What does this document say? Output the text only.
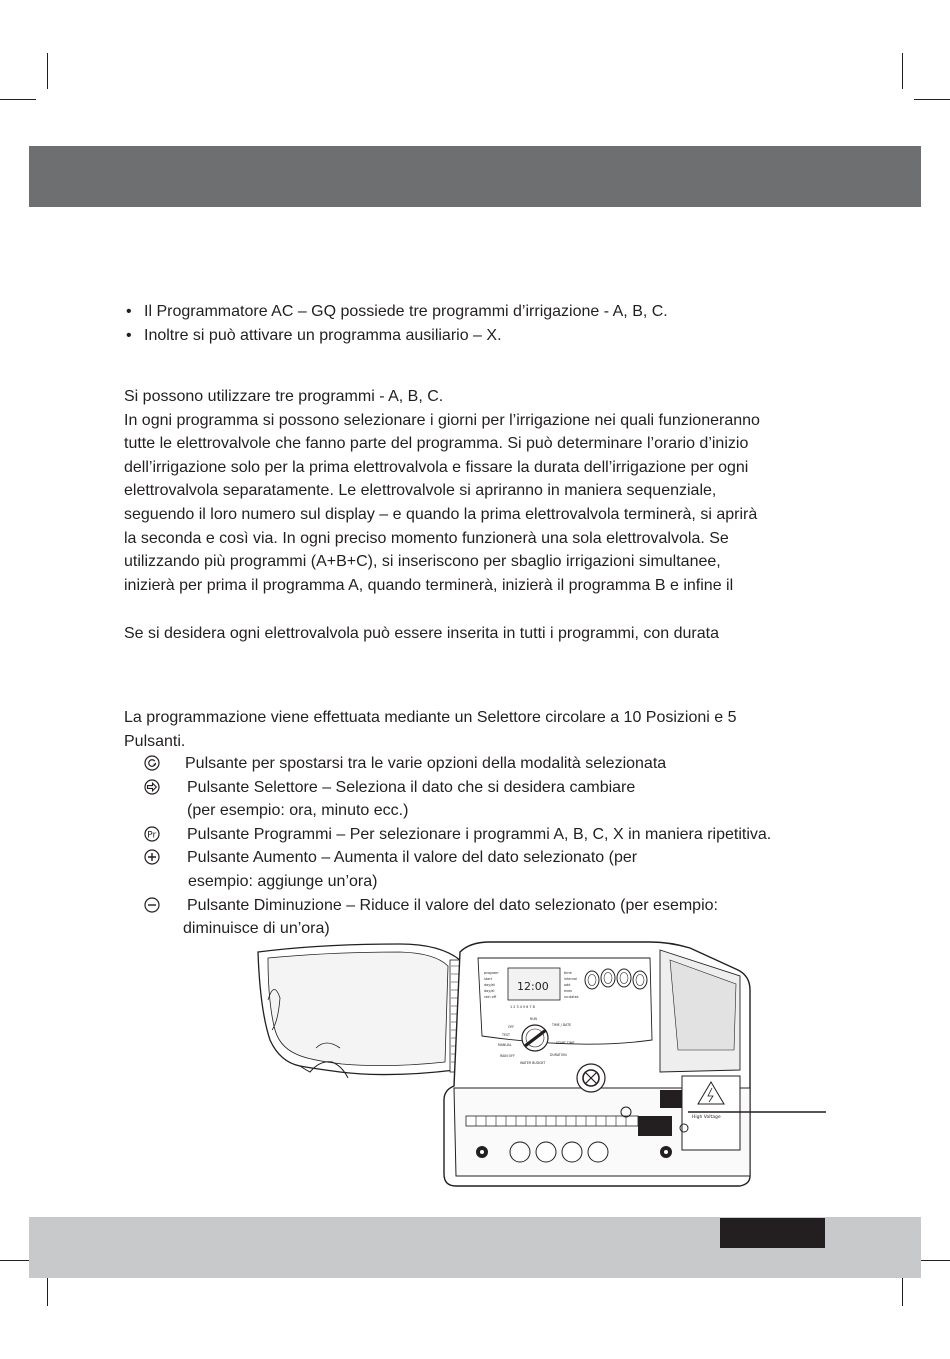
• Il Programmatore AC – GQ possiede tre programmi d’irrigazione - A, B, C.
• Inoltre si può attivare un programma ausiliario – X.
Si possono utilizzare tre programmi - A, B, C.
In ogni programma si possono selezionare i giorni per l’irrigazione nei quali funzioneranno
tutte le elettrovalvole che fanno parte del programma. Si può determinare l’orario d’inizio
dell’irrigazione solo per la prima elettrovalvola e fissare la durata dell’irrigazione per ogni
elettrovalvola separatamente. Le elettrovalvole si apriranno in maniera sequenziale,
seguendo il loro numero sul display – e quando la prima elettrovalvola terminerà, si aprirà
la seconda e così via. In ogni preciso momento funzionerà una sola elettrovalvola. Se
utilizzando più programmi (A+B+C), si inseriscono per sbaglio irrigazioni simultanee,
inizierà per prima il programma A, quando terminerà, inizierà il programma B e infine il
Se si desidera ogni elettrovalvola può essere inserita in tutti i programmi, con durata
La programmazione viene effettuata mediante un Selettore circolare a 10 Posizioni e 5
Pulsanti.
Pulsante per spostarsi tra le varie opzioni della modalità selezionata
Pulsante Selettore – Seleziona il dato che si desidera cambiare
(per esempio: ora, minuto ecc.)
Pr Pulsante Programmi – Per selezionare i programmi A, B, C, X in maniera ripetitiva.
Pulsante Aumento – Aumenta il valore del dato selezionato (per
esempio: aggiunge un’ora)
Pulsante Diminuzione – Riduce il valore del dato selezionato (per esempio:
diminuisce di un’ora)
12:00
program
start
day/at
day/al
rain off
time
interval
odd
even
xx:dates
1 2 3 4 5 6 7 8
RUN
OFF
TEST
MANUAL
RAIN OFF
WATER BUDGET
TIME / DATE
START TIME
DURATION
High Voltage
